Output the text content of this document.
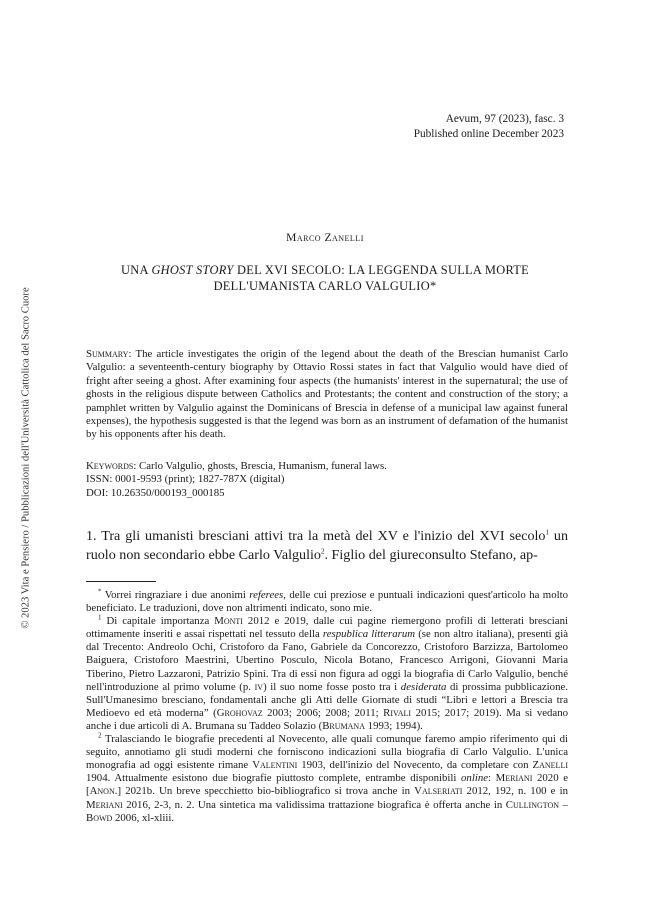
© 2023 Vita e Pensiero / Pubblicazioni dell'Università Cattolica del Sacro Cuore
Aevum, 97 (2023), fasc. 3
Published online December 2023
Marco Zanelli
UNA GHOST STORY DEL XVI SECOLO: LA LEGGENDA SULLA MORTE
DELL'UMANISTA CARLO VALGULIO*
Summary: The article investigates the origin of the legend about the death of the Brescian humanist Carlo Valgulio: a seventeenth-century biography by Ottavio Rossi states in fact that Valgulio would have died of fright after seeing a ghost. After examining four aspects (the humanists' interest in the supernatural; the use of ghosts in the religious dispute between Catholics and Protestants; the content and construction of the story; a pamphlet written by Valgulio against the Dominicans of Brescia in defense of a municipal law against funeral expenses), the hypothesis suggested is that the legend was born as an instrument of defamation of the humanist by his opponents after his death.
Keywords: Carlo Valgulio, ghosts, Brescia, Humanism, funeral laws.
ISSN: 0001-9593 (print); 1827-787X (digital)
DOI: 10.26350/000193_000185
1. Tra gli umanisti bresciani attivi tra la metà del XV e l'inizio del XVI secolo$^1$ un ruolo non secondario ebbe Carlo Valgulio$^2$. Figlio del giureconsulto Stefano, ap-

* Vorrei ringraziare i due anonimi referees, delle cui preziose e puntuali indicazioni quest'articolo ha molto beneficiato. Le traduzioni, dove non altrimenti indicato, sono mie.

$^1$ Di capitale importanza Monti 2012 e 2019, dalle cui pagine riemergono profili di letterati bresciani ottimamente inseriti e assai rispettati nel tessuto della respublica litterarum (se non altro italiana), presenti già dal Trecento: Andreolo Ochi, Cristoforo da Fano, Gabriele da Concorezzo, Cristoforo Barzizza, Bartolomeo Baiguera, Cristoforo Maestrini, Ubertino Posculo, Nicola Botano, Francesco Arrigoni, Giovanni Maria Tiberino, Pietro Lazzaroni, Patrizio Spini. Tra di essi non figura ad oggi la biografia di Carlo Valgulio, benché nell'introduzione al primo volume (p. iv) il suo nome fosse posto tra i desiderata di prossima pubblicazione. Sull'Umanesimo bresciano, fondamentali anche gli Atti delle Giornate di studi “Libri e lettori a Brescia tra Medioevo ed età moderna” (Grohovaz 2003; 2006; 2008; 2011; Rivali 2015; 2017; 2019). Ma si vedano anche i due articoli di A. Brumana su Taddeo Solazio (Brumana 1993; 1994).

$^2$ Tralasciando le biografie precedenti al Novecento, alle quali comunque faremo ampio riferimento qui di seguito, annotiamo gli studi moderni che forniscono indicazioni sulla biografia di Carlo Valgulio. L'unica monografia ad oggi esistente rimane Valentini 1903, dell'inizio del Novecento, da completare con Zanelli 1904. Attualmente esistono due biografie piuttosto complete, entrambe disponibili online: Meriani 2020 e [Anon.] 2021b. Un breve specchietto bio-bibliografico si trova anche in Valseriati 2012, 192, n. 100 e in Meriani 2016, 2-3, n. 2. Una sintetica ma validissima trattazione biografica è offerta anche in Cullington – Bowd 2006, xl-xliii.
